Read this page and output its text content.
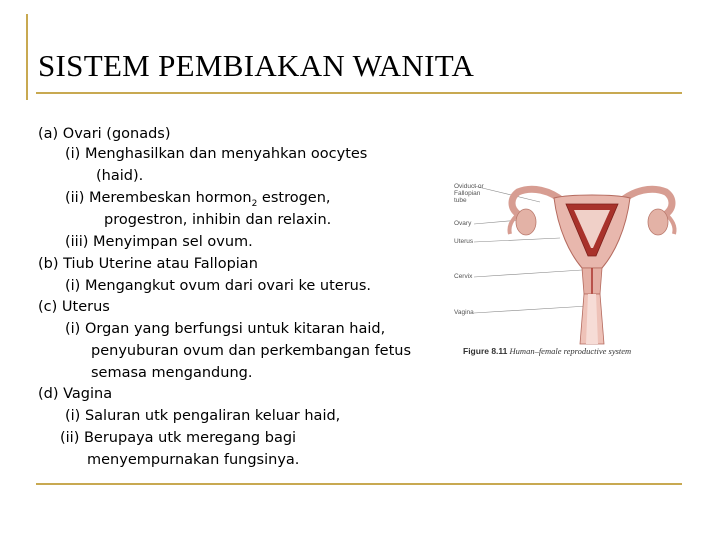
SISTEM PEMBIAKAN WANITA
(a) Ovari (gonads)
(i) Menghasilkan dan menyahkan oocytes
(haid).
(ii) Merembeskan hormon$_2$ estrogen,
progestron, inhibin dan relaxin.
(iii) Menyimpan sel ovum.
(b) Tiub Uterine atau Fallopian
(i) Mengangkut ovum dari ovari ke uterus.
(c) Uterus
(i) Organ yang berfungsi untuk kitaran haid,
penyuburan ovum dan perkembangan fetus
semasa mengandung.
(d) Vagina
(i) Saluran utk pengaliran keluar haid,
(ii) Berupaya utk meregang bagi
menyempurnakan fungsinya.
Oviduct or
Fallopian
tube
Ovary
Uterus
Cervix
Vagina
Figure 8.11 Human–female reproductive system
